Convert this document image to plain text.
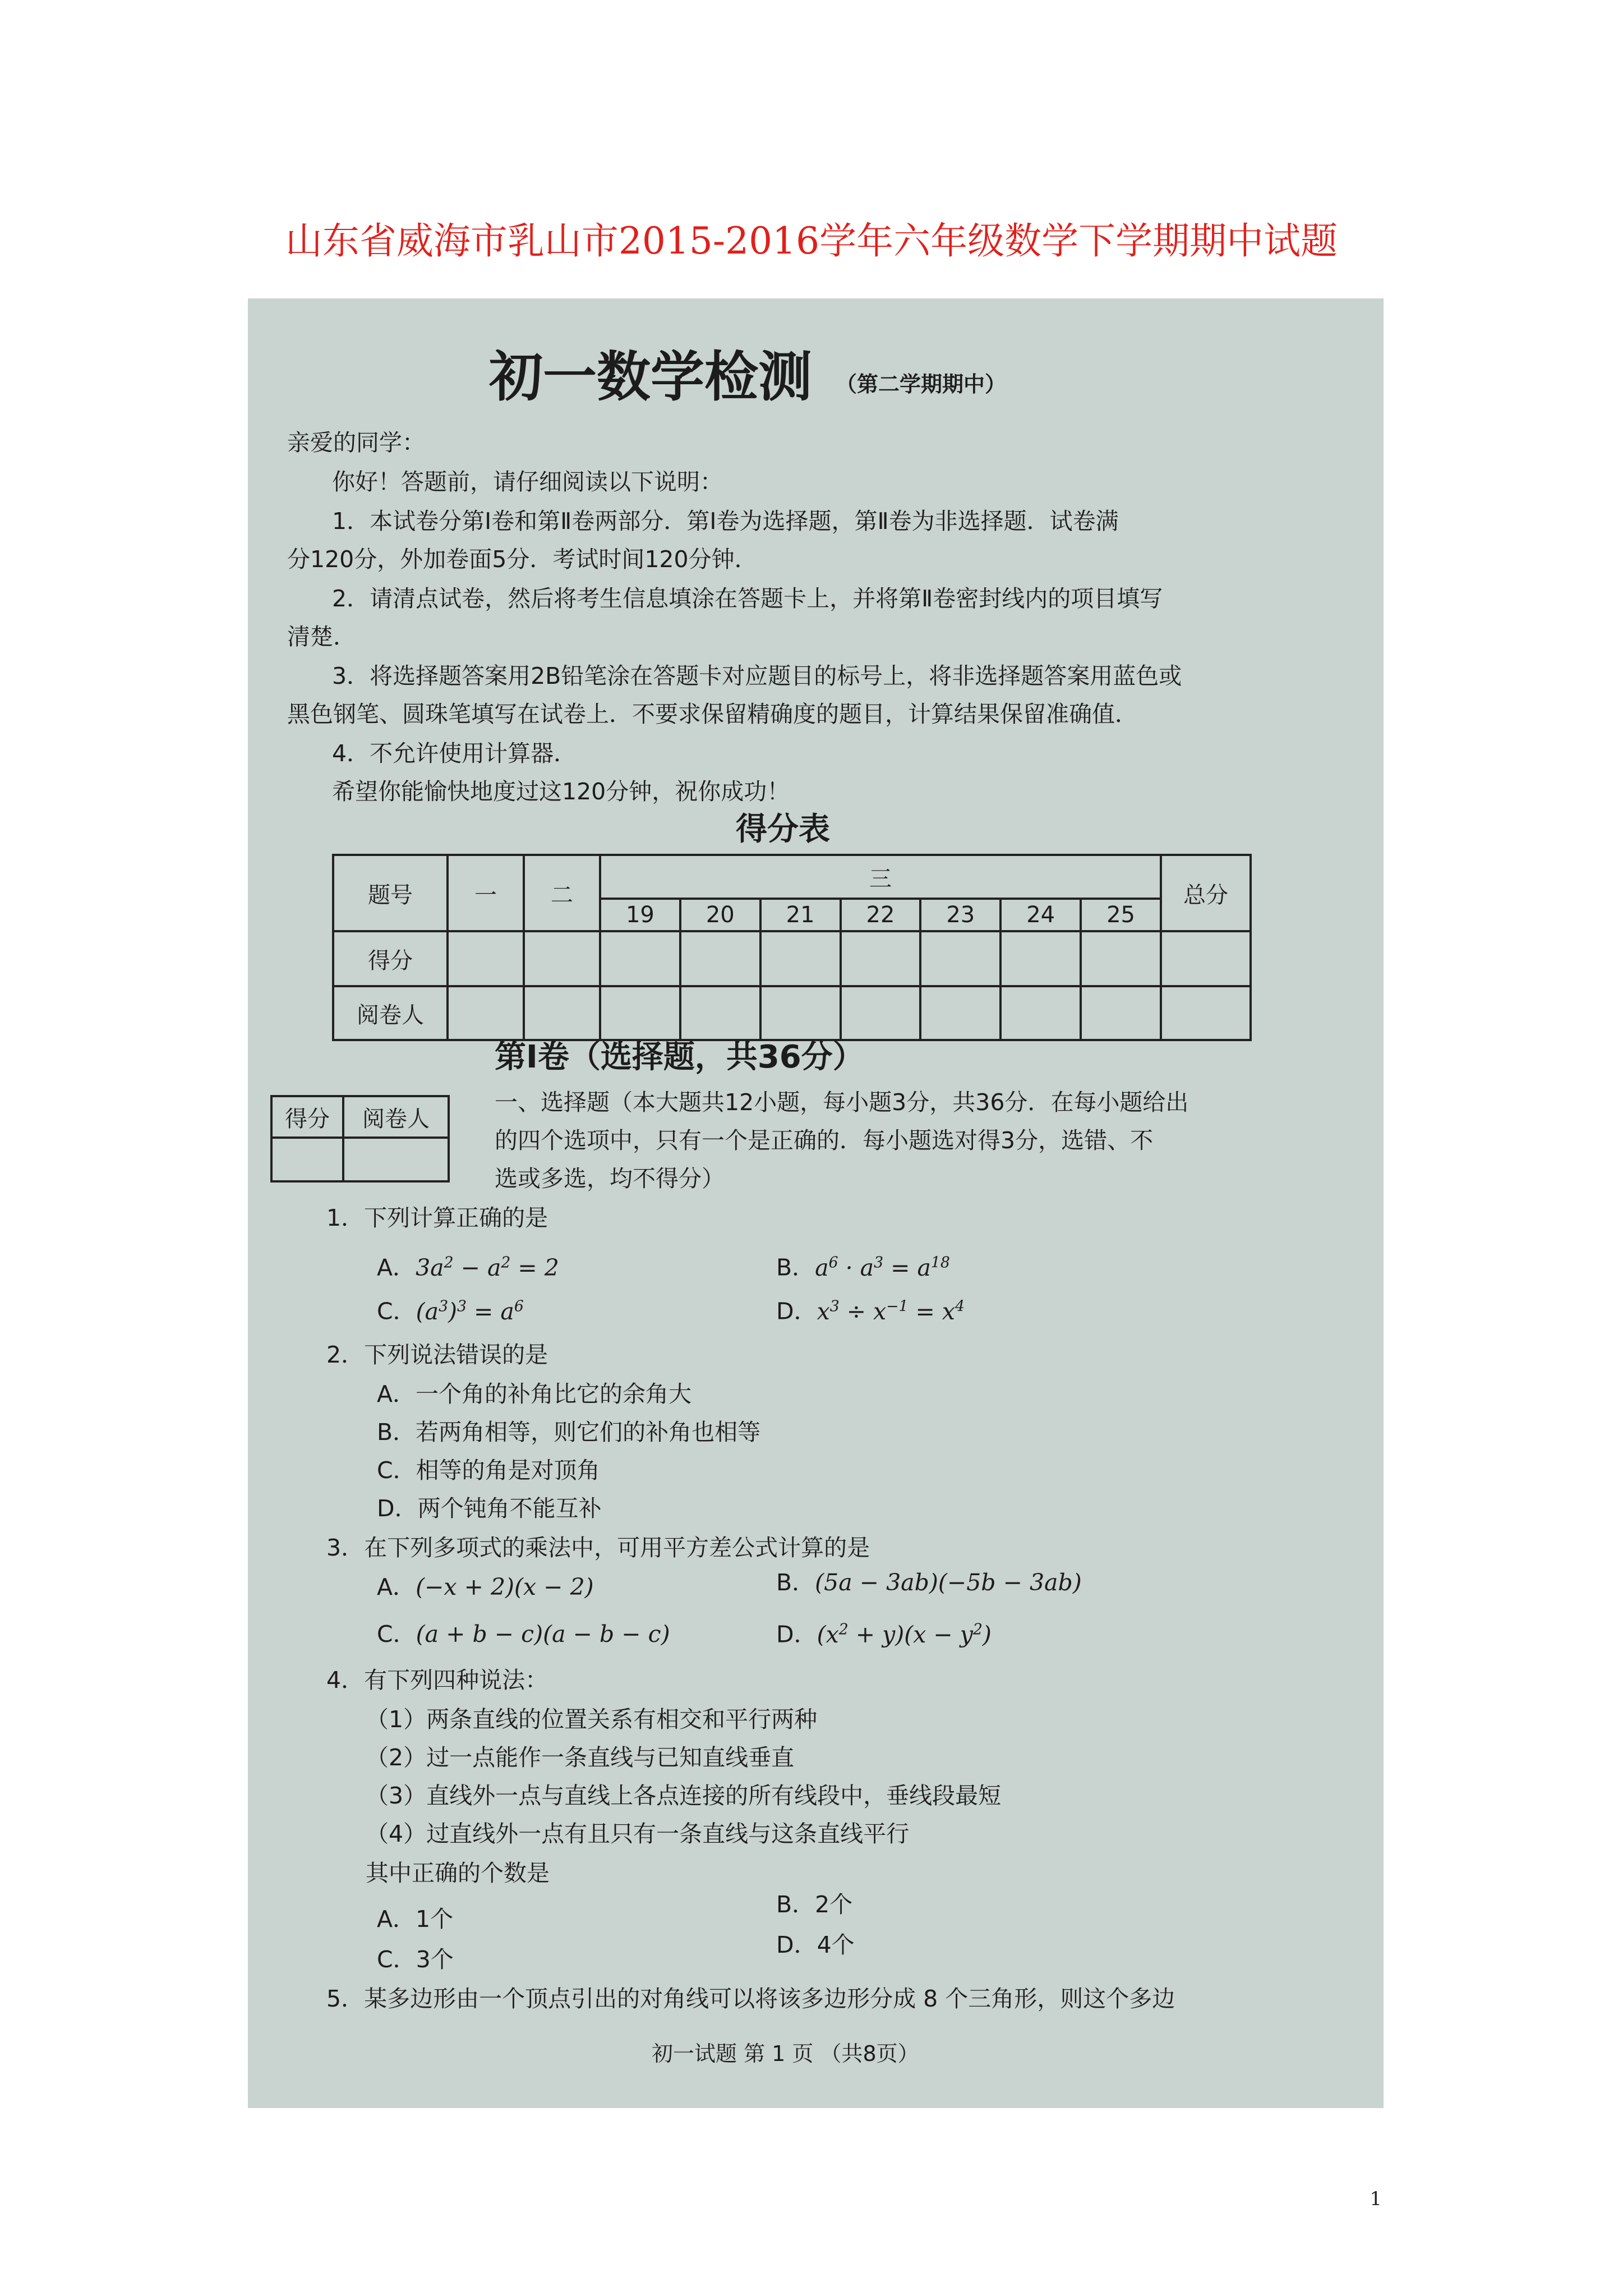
山东省威海市乳山市2015-2016学年六年级数学下学期期中试题
初一数学检测 （第二学期期中）
亲爱的同学：
你好！答题前，请仔细阅读以下说明：
1．本试卷分第Ⅰ卷和第Ⅱ卷两部分．第Ⅰ卷为选择题，第Ⅱ卷为非选择题．试卷满
分120分，外加卷面5分．考试时间120分钟．
2．请清点试卷，然后将考生信息填涂在答题卡上，并将第Ⅱ卷密封线内的项目填写
清楚．
3．将选择题答案用2B铅笔涂在答题卡对应题目的标号上，将非选择题答案用蓝色或
黑色钢笔、圆珠笔填写在试卷上．不要求保留精确度的题目，计算结果保留准确值．
4．不允许使用计算器．
希望你能愉快地度过这120分钟，祝你成功！
得分表
题号	一	二	三							总分
			19	20	21	22	23	24	25	
得分										
阅卷人										
第Ⅰ卷（选择题，共36分）
得分	阅卷人

一、选择题（本大题共12小题，每小题3分，共36分．在每小题给出
的四个选项中，只有一个是正确的．每小题选对得3分，选错、不
选或多选，均不得分）
1．下列计算正确的是
A．$3a^2 - a^2 = 2$	B．$a^6 \cdot a^3 = a^{18}$
C．$(a^3)^3 = a^6$	D．$x^3 \div x^{-1} = x^4$
2．下列说法错误的是
A．一个角的补角比它的余角大
B．若两角相等，则它们的补角也相等
C．相等的角是对顶角
D．两个钝角不能互补
3．在下列多项式的乘法中，可用平方差公式计算的是
A．(−x + 2)(x − 2)	B．(5a − 3ab)(−5b − 3ab)
C．(a + b − c)(a − b − c)	D．$(x^2 + y)(x - y^2)$
4．有下列四种说法：
（1）两条直线的位置关系有相交和平行两种
（2）过一点能作一条直线与已知直线垂直
（3）直线外一点与直线上各点连接的所有线段中，垂线段最短
（4）过直线外一点有且只有一条直线与这条直线平行
其中正确的个数是
A．1个
B．2个
C．3个
D．4个
5．某多边形由一个顶点引出的对角线可以将该多边形分成 8 个三角形，则这个多边
初一试题 第 1 页 （共8页）
1
